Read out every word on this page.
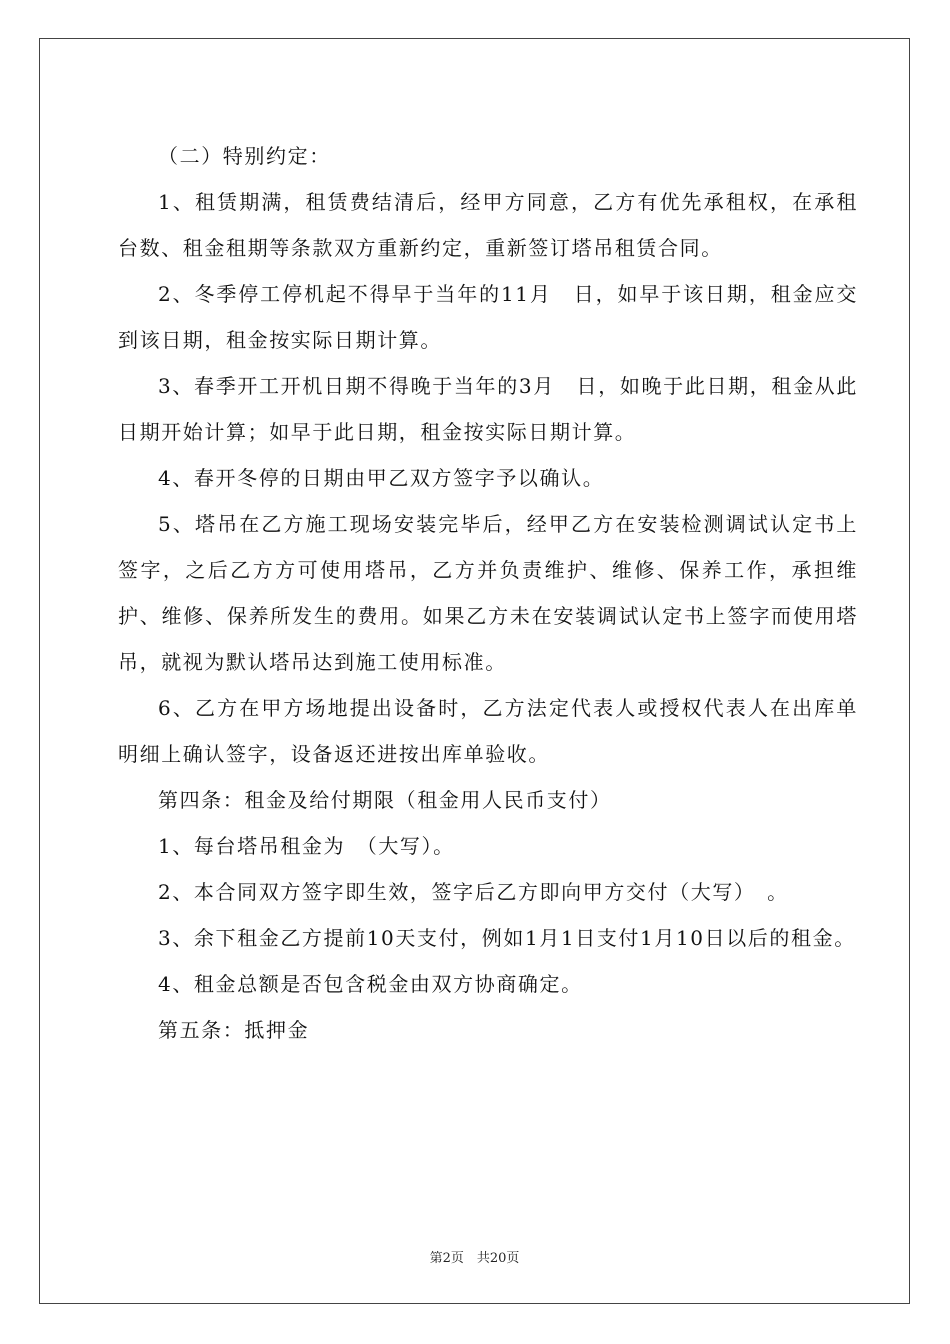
（二）特别约定：

1、租赁期满，租赁费结清后，经甲方同意，乙方有优先承租权，在承租台数、租金租期等条款双方重新约定，重新签订塔吊租赁合同。

2、冬季停工停机起不得早于当年的11月　日，如早于该日期，租金应交到该日期，租金按实际日期计算。

3、春季开工开机日期不得晚于当年的3月　日，如晚于此日期，租金从此日期开始计算；如早于此日期，租金按实际日期计算。

4、春开冬停的日期由甲乙双方签字予以确认。

5、塔吊在乙方施工现场安装完毕后，经甲乙方在安装检测调试认定书上签字，之后乙方方可使用塔吊，乙方并负责维护、维修、保养工作，承担维护、维修、保养所发生的费用。如果乙方未在安装调试认定书上签字而使用塔吊，就视为默认塔吊达到施工使用标准。

6、乙方在甲方场地提出设备时，乙方法定代表人或授权代表人在出库单明细上确认签字，设备返还进按出库单验收。

第四条：租金及给付期限（租金用人民币支付）

1、每台塔吊租金为　（大写）。

2、本合同双方签字即生效，签字后乙方即向甲方交付（大写）　。

3、余下租金乙方提前10天支付，例如1月1日支付1月10日以后的租金。

4、租金总额是否包含税金由双方协商确定。

第五条：抵押金

第2页　共20页
